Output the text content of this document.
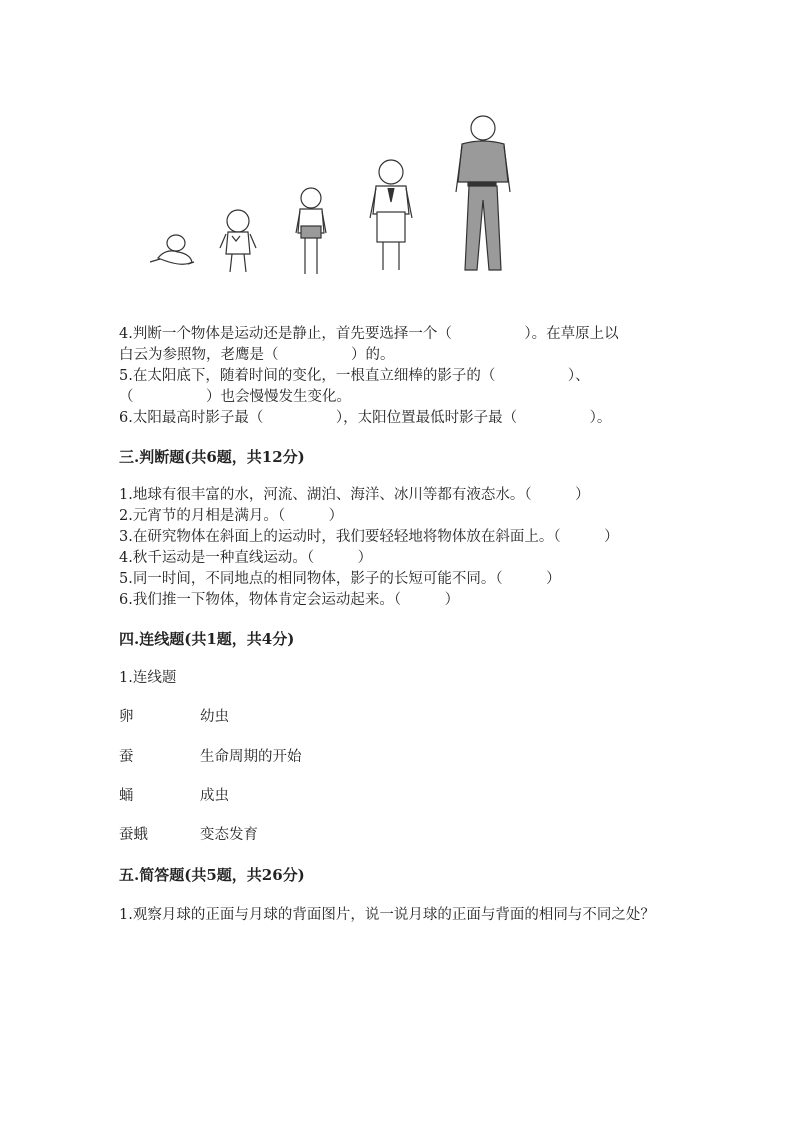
4.判断一个物体是运动还是静止，首先要选择一个（　　　　　）。在草原上以
白云为参照物，老鹰是（　　　　　）的。
5.在太阳底下，随着时间的变化，一根直立细棒的影子的（　　　　　）、
（　　　　　）也会慢慢发生变化。
6.太阳最高时影子最（　　　　　），太阳位置最低时影子最（　　　　　）。
三.判断题(共6题，共12分)
1.地球有很丰富的水，河流、湖泊、海洋、冰川等都有液态水。（　　　）
2.元宵节的月相是满月。（　　　）
3.在研究物体在斜面上的运动时，我们要轻轻地将物体放在斜面上。（　　　）
4.秋千运动是一种直线运动。（　　　）
5.同一时间，不同地点的相同物体，影子的长短可能不同。（　　　）
6.我们推一下物体，物体肯定会运动起来。（　　　）
四.连线题(共1题，共4分)
1.连线题
卵	幼虫
蚕	生命周期的开始
蛹	成虫
蚕蛾	变态发育
五.简答题(共5题，共26分)
1.观察月球的正面与月球的背面图片，说一说月球的正面与背面的相同与不同之处？
